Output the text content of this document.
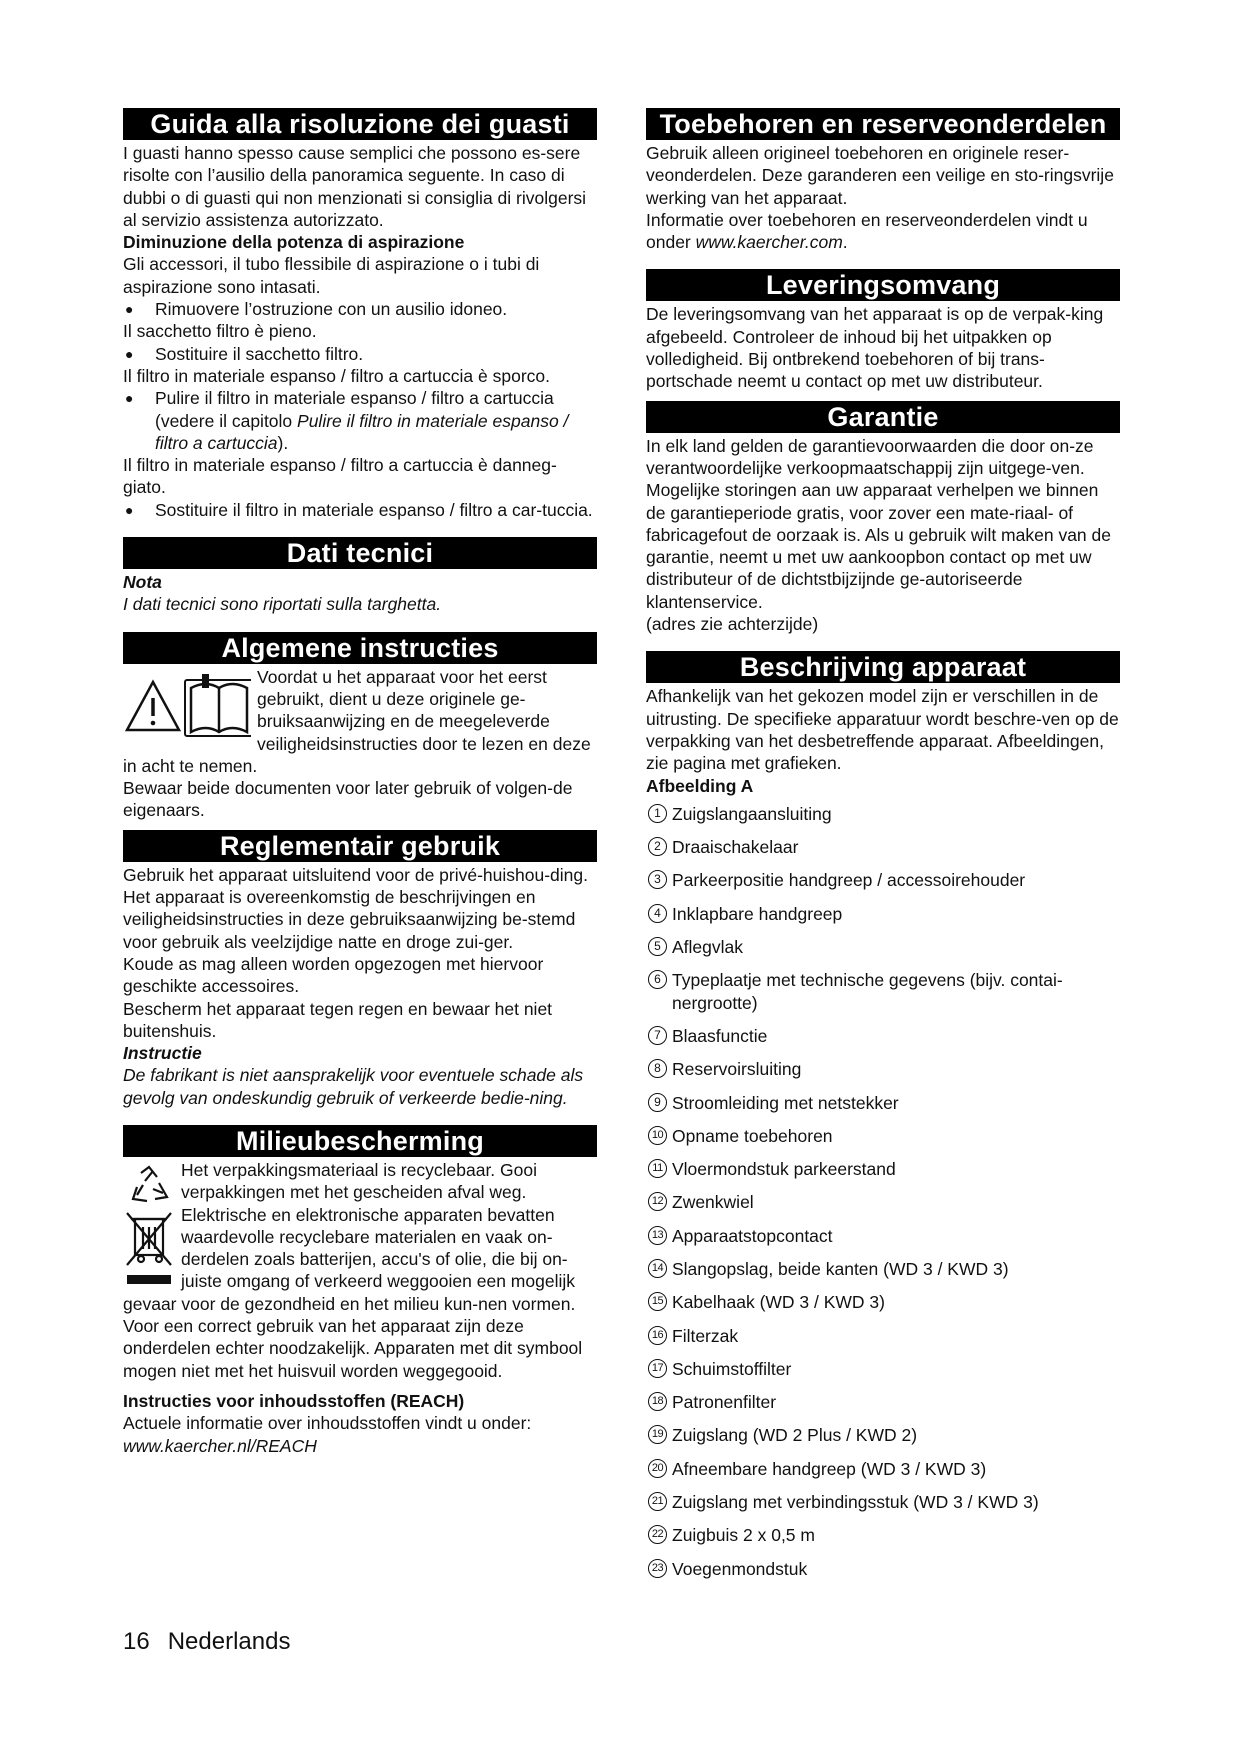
Guida alla risoluzione dei guasti

I guasti hanno spesso cause semplici che possono es-sere risolte con l’ausilio della panoramica seguente. In caso di dubbi o di guasti qui non menzionati si consiglia di rivolgersi al servizio assistenza autorizzato.

Diminuzione della potenza di aspirazione

Gli accessori, il tubo flessibile di aspirazione o i tubi di aspirazione sono intasati.

● Rimuovere l’ostruzione con un ausilio idoneo.

Il sacchetto filtro è pieno.

● Sostituire il sacchetto filtro.

Il filtro in materiale espanso / filtro a cartuccia è sporco.

● Pulire il filtro in materiale espanso / filtro a cartuccia (vedere il capitolo Pulire il filtro in materiale espanso / filtro a cartuccia).

Il filtro in materiale espanso / filtro a cartuccia è danneg-giato.

● Sostituire il filtro in materiale espanso / filtro a car-tuccia.

Dati tecnici

Nota

I dati tecnici sono riportati sulla targhetta.

Algemene instructies

Voordat u het apparaat voor het eerst gebruikt, dient u deze originele ge-bruiksaanwijzing en de meegeleverde veiligheidsinstructies door te lezen en deze in acht te nemen.

Bewaar beide documenten voor later gebruik of volgen-de eigenaars.

Reglementair gebruik

Gebruik het apparaat uitsluitend voor de privé-huishou-ding.

Het apparaat is overeenkomstig de beschrijvingen en veiligheidsinstructies in deze gebruiksaanwijzing be-stemd voor gebruik als veelzijdige natte en droge zui-ger.

Koude as mag alleen worden opgezogen met hiervoor geschikte accessoires.

Bescherm het apparaat tegen regen en bewaar het niet buitenshuis.

Instructie

De fabrikant is niet aansprakelijk voor eventuele schade als gevolg van ondeskundig gebruik of verkeerde bedie-ning.

Milieubescherming

Het verpakkingsmateriaal is recyclebaar. Gooi verpakkingen met het gescheiden afval weg.

Elektrische en elektronische apparaten bevatten waardevolle recyclebare materialen en vaak on-derdelen zoals batterijen, accu's of olie, die bij on-juiste omgang of verkeerd weggooien een mogelijk gevaar voor de gezondheid en het milieu kun-nen vormen. Voor een correct gebruik van het apparaat zijn deze onderdelen echter noodzakelijk. Apparaten met dit symbool mogen niet met het huisvuil worden weggegooid.

Instructies voor inhoudsstoffen (REACH)

Actuele informatie over inhoudsstoffen vindt u onder:

www.kaercher.nl/REACH

Toebehoren en reserveonderdelen

Gebruik alleen origineel toebehoren en originele reser-veonderdelen. Deze garanderen een veilige en sto-ringsvrije werking van het apparaat.

Informatie over toebehoren en reserveonderdelen vindt u onder www.kaercher.com.

Leveringsomvang

De leveringsomvang van het apparaat is op de verpak-king afgebeeld. Controleer de inhoud bij het uitpakken op volledigheid. Bij ontbrekend toebehoren of bij trans-portschade neemt u contact op met uw distributeur.

Garantie

In elk land gelden de garantievoorwaarden die door on-ze verantwoordelijke verkoopmaatschappij zijn uitgege-ven. Mogelijke storingen aan uw apparaat verhelpen we binnen de garantieperiode gratis, voor zover een mate-riaal- of fabricagefout de oorzaak is. Als u gebruik wilt maken van de garantie, neemt u met uw aankoopbon contact op met uw distributeur of de dichtstbijzijnde ge-autoriseerde klantenservice.

(adres zie achterzijde)

Beschrijving apparaat

Afhankelijk van het gekozen model zijn er verschillen in de uitrusting. De specifieke apparatuur wordt beschre-ven op de verpakking van het desbetreffende apparaat. Afbeeldingen, zie pagina met grafieken.

Afbeelding A

1 Zuigslangaansluiting
2 Draaischakelaar
3 Parkeerpositie handgreep / accessoirehouder
4 Inklapbare handgreep
5 Aflegvlak
6 Typeplaatje met technische gegevens (bijv. contai-nergrootte)
7 Blaasfunctie
8 Reservoirsluiting
9 Stroomleiding met netstekker
10 Opname toebehoren
11 Vloermondstuk parkeerstand
12 Zwenkwiel
13 Apparaatstopcontact
14 Slangopslag, beide kanten (WD 3 / KWD 3)
15 Kabelhaak (WD 3 / KWD 3)
16 Filterzak
17 Schuimstoffilter
18 Patronenfilter
19 Zuigslang (WD 2 Plus / KWD 2)
20 Afneembare handgreep (WD 3 / KWD 3)
21 Zuigslang met verbindingsstuk (WD 3 / KWD 3)
22 Zuigbuis 2 x 0,5 m
23 Voegenmondstuk
16 Nederlands
